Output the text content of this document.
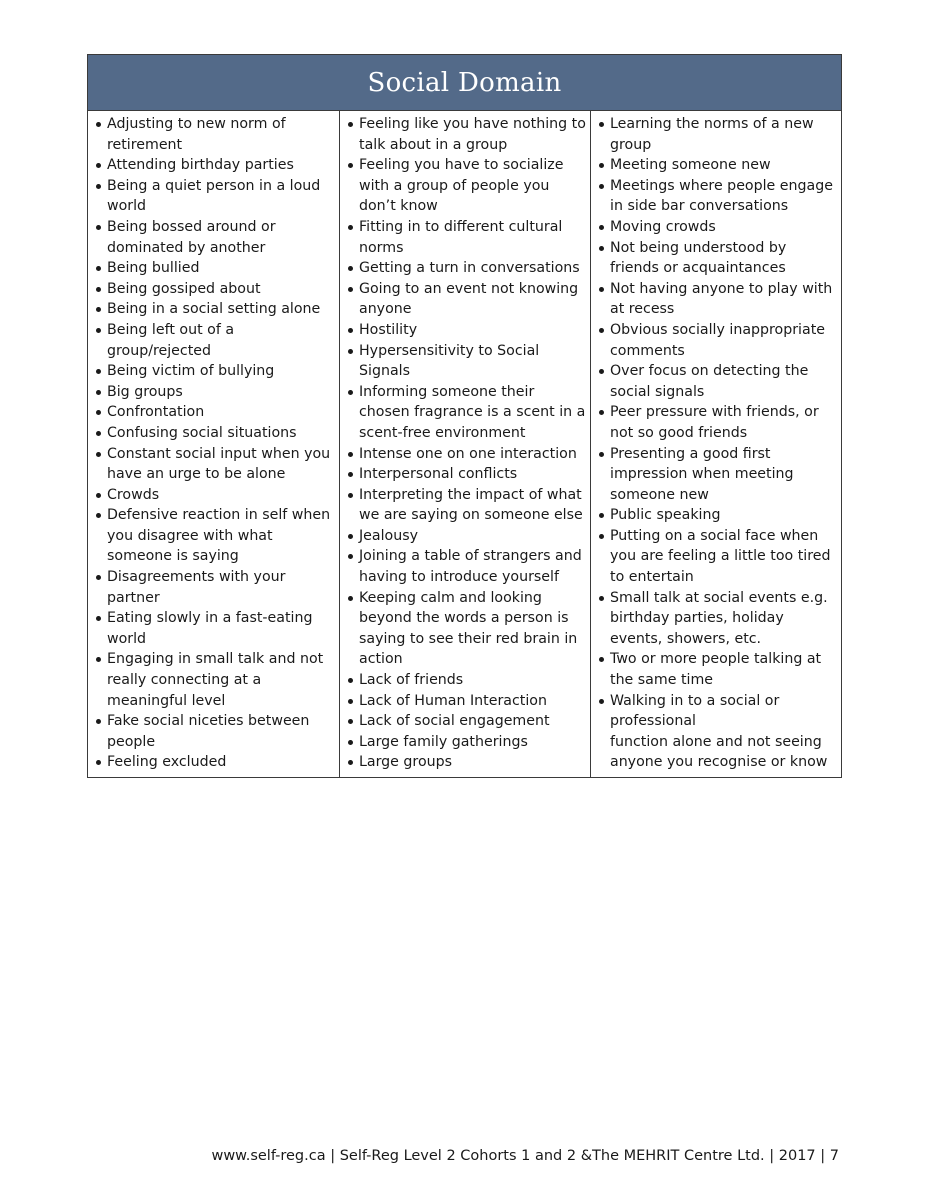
Social Domain
Adjusting to new norm of retirement
Attending birthday parties
Being a quiet person in a loud world
Being bossed around or dominated by another
Being bullied
Being gossiped about
Being in a social setting alone
Being left out of a group/rejected
Being victim of bullying
Big groups
Confrontation
Confusing social situations
Constant social input when you have an urge to be alone
Crowds
Defensive reaction in self when you disagree with what someone is saying
Disagreements with your partner
Eating slowly in a fast-eating world
Engaging in small talk and not really connecting at a meaningful level
Fake social niceties between people
Feeling excluded
Feeling like you have nothing to talk about in a group
Feeling you have to socialize with a group of people you don’t know
Fitting in to different cultural norms
Getting a turn in conversations
Going to an event not knowing anyone
Hostility
Hypersensitivity to Social Signals
Informing someone their chosen fragrance is a scent in a scent-free environment
Intense one on one interaction
Interpersonal conflicts
Interpreting the impact of what we are saying on someone else
Jealousy
Joining a table of strangers and having to introduce yourself
Keeping calm and looking beyond the words a person is saying to see their red brain in action
Lack of friends
Lack of Human Interaction
Lack of social engagement
Large family gatherings
Large groups
Learning the norms of a new group
Meeting someone new
Meetings where people engage in side bar conversations
Moving crowds
Not being understood by friends or acquaintances
Not having anyone to play with at recess
Obvious socially inappropriate comments
Over focus on detecting the social signals
Peer pressure with friends, or not so good friends
Presenting a good first impression when meeting someone new
Public speaking
Putting on a social face when you are feeling a little too tired to entertain
Small talk at social events e.g. birthday parties, holiday events, showers, etc.
Two or more people talking at the same time
Walking in to a social or professional
function alone and not seeing anyone you recognise or know
www.self-reg.ca | Self-Reg Level 2 Cohorts 1 and 2 &The MEHRIT Centre Ltd. | 2017 | 7
